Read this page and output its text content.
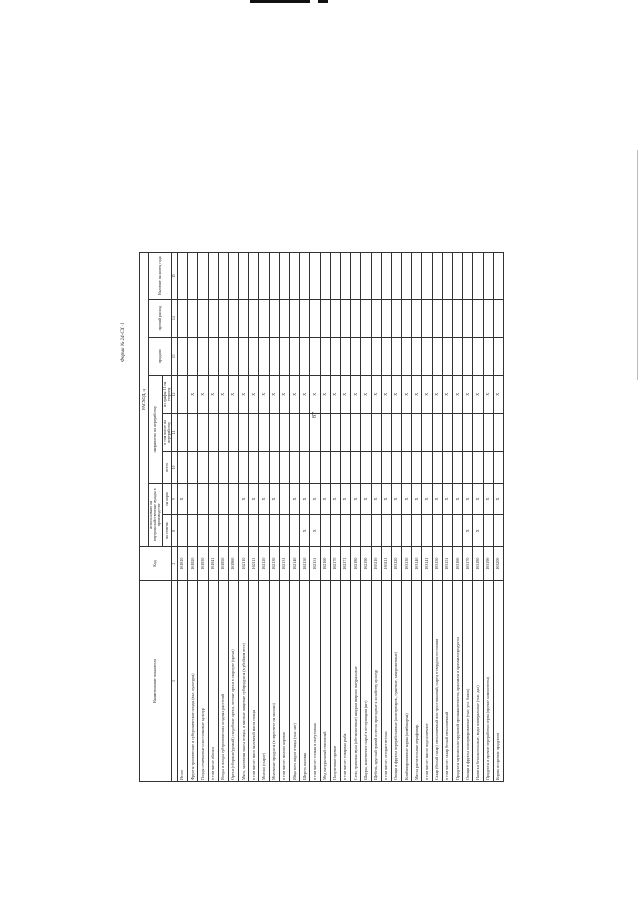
87
Форма № 24-СХ ·1
Наименование показателя	Код	РАСХОД, ц							
		использовано на внутрихозяйственные нужды в производстве		направлено на переработку			продано	прочий расход	Наличие на конец года
		на семена	на корм	всего	в том числе на переработку	из графы 11 на сторону			
1	2	8	9	10	11	12	13	14	15
Итого	161810		X						
Фрукты тропические и субтропические плоды (вкл. культуры)	161820					X			
Плоды семечковые и косточковые культур	161830					X			
в том числе яблоки	161841					X			
Ягоды и плоды субтропических ягодных растений	161850					X			
Орехи (сборные/урожай) съедобные орехи, лесные орехи в скорлупе (орехи)	161860					X			
Мясо, молочная масса птицы, и мясные пищевые субпродукты (в убойном весе)	162110		X			X			
в том числе: мясо молочной масса птицы	162111		X			X			
Молоко (сырое)	162120		X			X			
Молочные продукты (в пересчете на молоко)	162130		X			X			
в том числе: молоко коровье	162131					X			
Яйца всех видов птицы (тыс. шт)	162140		X			X			
Шерсть валовая	162150	X	X			X			
в том числе: тонкая и полутонкая	162151	X	X			X			
Мед натуральный пчелиный	162160		X			X			
Полученные прочие	162170		X			X			
в том числе: товарная рыба	162171		X			X			
Сено, травяная мука (обезвоженные) шкурки широко натуральные	162180		X			X			
Шкуры, кожевенное сырьё в ветеринарии (шт)	162190		X			X			
Щебень, круглый гравий и песок пригодные к хозяйству культур	163110		X			X			
в том числе: лесорастительн.	163111		X			X			
Овощи и фрукты переработанные (консервиров., сушеные, замороженные)	163120		X			X			
Комбинированные корма (комбикорма)	163130		X			X			
Масла растительные нерафинир.	163140		X			X			
в том числе: масло подсолнечное	163141		X			X			
Сахар (белый сахар) свекловичный или тростниковый, сырец в твердом состоянии	163150		X			X			
в том числе: сахар белый свекловичный	163151		X			X			
Продукты мукомольно-крупяной промышленности, крахмалы и крахмалопродукты	163160		X			X			
Овощи и фрукты консервированные (тыс. усл. банок)	163170	X	X			X			
Напитки безалкогольные, воды минеральные (тыс. дал)	163180	X	X			X			
Продукты и прочие переработки зерна (прочие компоненты)	163190		X			X			
Корма из прочих продуктов	163200		X			X			
